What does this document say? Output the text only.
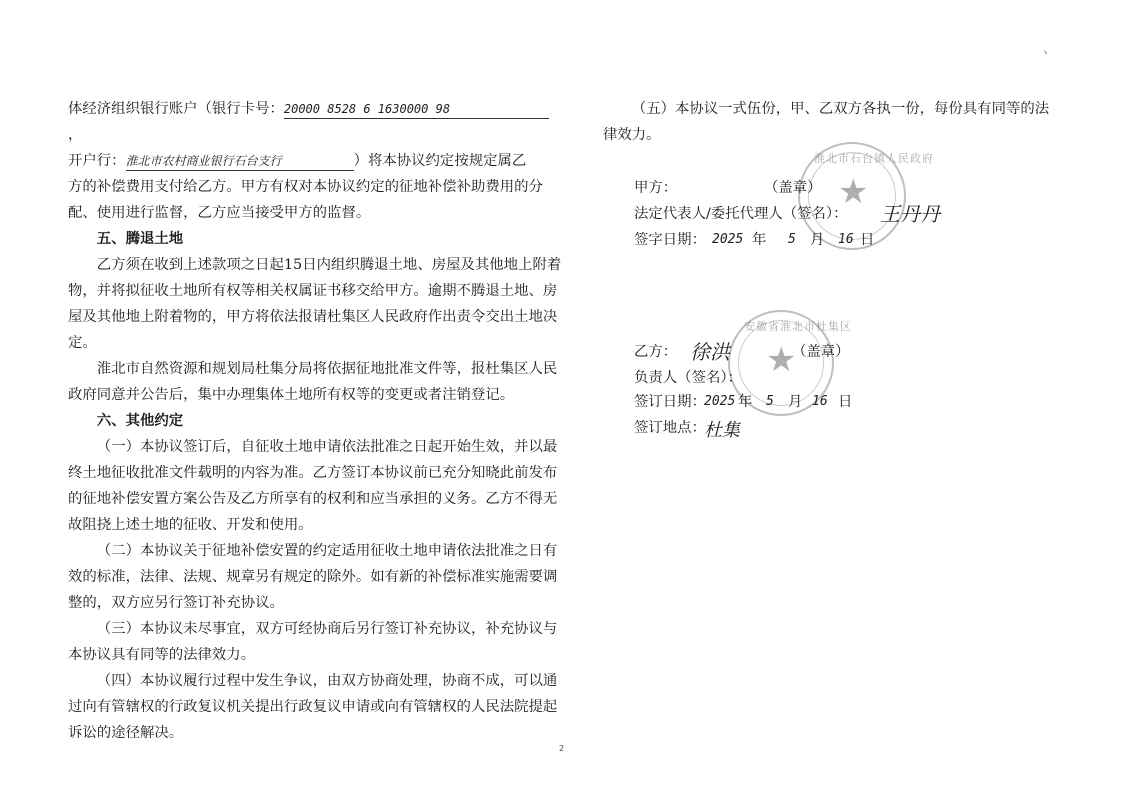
ヽ

体经济组织银行账户（银行卡号：20000 8528 6 1630000 98，

开户行：淮北市农村商业银行石台支行	）将本协议约定按规定属乙

方的补偿费用支付给乙方。甲方有权对本协议约定的征地补偿补助费用的分配、使用进行监督，乙方应当接受甲方的监督。

五、腾退土地

乙方须在收到上述款项之日起15日内组织腾退土地、房屋及其他地上附着物，并将拟征收土地所有权等相关权属证书移交给甲方。逾期不腾退土地、房屋及其他地上附着物的，甲方将依法报请杜集区人民政府作出责令交出土地决定。

淮北市自然资源和规划局杜集分局将依据征地批准文件等，报杜集区人民政府同意并公告后，集中办理集体土地所有权等的变更或者注销登记。

六、其他约定

（一）本协议签订后，自征收土地申请依法批准之日起开始生效，并以最终土地征收批准文件载明的内容为准。乙方签订本协议前已充分知晓此前发布的征地补偿安置方案公告及乙方所享有的权利和应当承担的义务。乙方不得无故阻挠上述土地的征收、开发和使用。

（二）本协议关于征地补偿安置的约定适用征收土地申请依法批准之日有效的标准，法律、法规、规章另有规定的除外。如有新的补偿标准实施需要调整的，双方应另行签订补充协议。

（三）本协议未尽事宜，双方可经协商后另行签订补充协议，补充协议与本协议具有同等的法律效力。

（四）本协议履行过程中发生争议，由双方协商处理，协商不成，可以通过向有管辖权的行政复议机关提出行政复议申请或向有管辖权的人民法院提起诉讼的途径解决。

（五）本协议一式伍份，甲、乙双方各执一份，每份具有同等的法律效力。

★
淮北市石台镇人民政府
★
安徽省淮北市杜集区
甲方：	（盖章）
法定代表人/委托代理人（签名）： 王丹丹
签字日期： 2025 年 5 月 16 日
乙方： 徐洪	（盖章）
负责人（签名）：
签订日期：
2025 年 5 月 16 日
签订地点：
杜集
2
